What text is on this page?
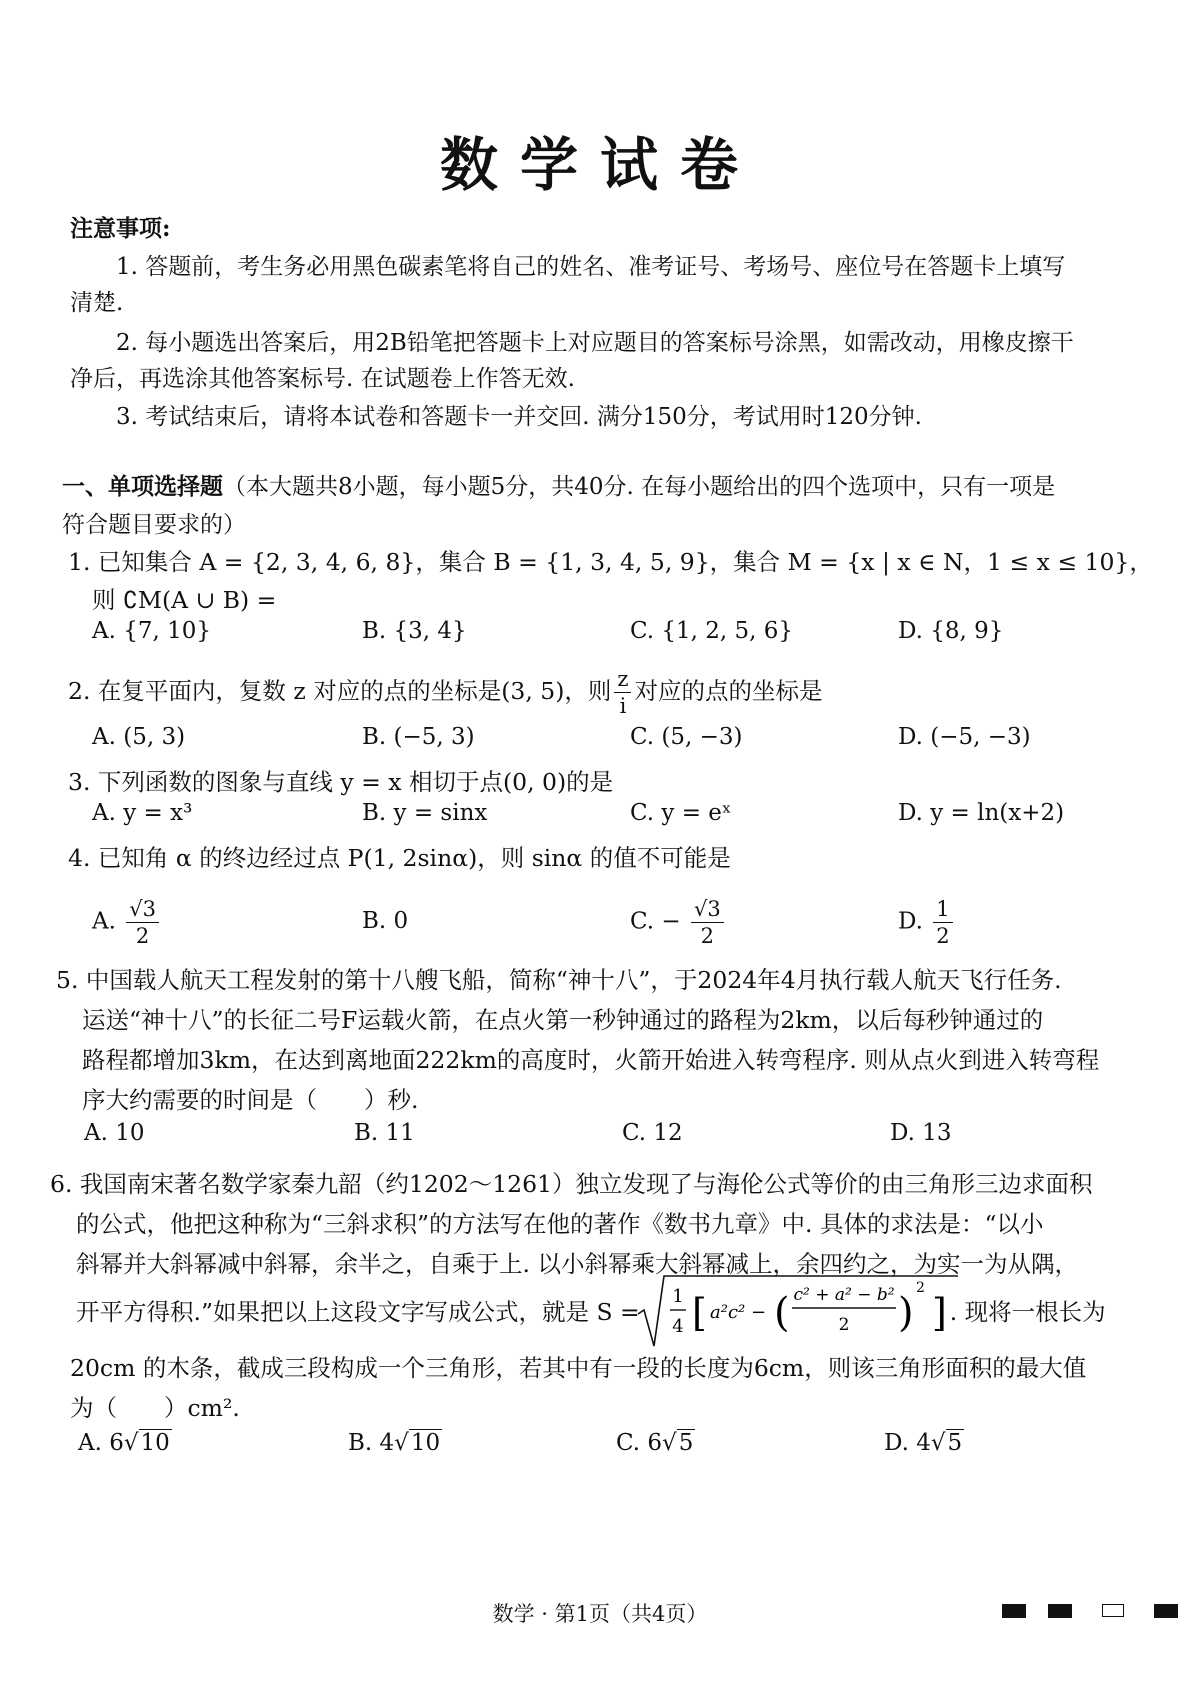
数学试卷
注意事项:
1. 答题前，考生务必用黑色碳素笔将自己的姓名、准考证号、考场号、座位号在答题卡上填写
清楚.
2. 每小题选出答案后，用2B铅笔把答题卡上对应题目的答案标号涂黑，如需改动，用橡皮擦干
净后，再选涂其他答案标号. 在试题卷上作答无效.
3. 考试结束后，请将本试卷和答题卡一并交回. 满分150分，考试用时120分钟.
一、单项选择题（本大题共8小题，每小题5分，共40分. 在每小题给出的四个选项中，只有一项是
符合题目要求的）
1. 已知集合 A = {2, 3, 4, 6, 8}，集合 B = {1, 3, 4, 5, 9}，集合 M = {x | x ∈ N，1 ≤ x ≤ 10}，
则 ∁M(A ∪ B) =
A. {7, 10}	B. {3, 4}	C. {1, 2, 5, 6}	D. {8, 9}
2. 在复平面内，复数 z 对应的点的坐标是(3, 5)，则 $\frac{z}{i}$ 对应的点的坐标是
A. (5, 3)	B. (−5, 3)	C. (5, −3)	D. (−5, −3)
3. 下列函数的图象与直线 y = x 相切于点(0, 0)的是
A. y = x³	B. y = sinx	C. y = eˣ	D. y = ln(x+2)
4. 已知角 α 的终边经过点 P(1, 2sinα)，则 sinα 的值不可能是
A. $\frac{√3}{2}$	B. 0	C. − $\frac{√3}{2}$	D. $\frac{1}{2}$
5. 中国载人航天工程发射的第十八艘飞船，简称“神十八”，于2024年4月执行载人航天飞行任务.
运送“神十八”的长征二号F运载火箭，在点火第一秒钟通过的路程为2km，以后每秒钟通过的
路程都增加3km，在达到离地面222km的高度时，火箭开始进入转弯程序. 则从点火到进入转弯程
序大约需要的时间是（　　）秒.
A. 10	B. 11	C. 12	D. 13
6. 我国南宋著名数学家秦九韶（约1202～1261）独立发现了与海伦公式等价的由三角形三边求面积
的公式，他把这种称为“三斜求积”的方法写在他的著作《数书九章》中. 具体的求法是：“以小
斜幂并大斜幂减中斜幂，余半之，自乘于上. 以小斜幂乘大斜幂减上，余四约之，为实一为从隅，
开平方得积.”如果把以上这段文字写成公式，就是 S =	. 现将一根长为
1
4 [ a²c² − ( c² + a² − b²
2 )
2
]
20cm 的木条，截成三段构成一个三角形，若其中有一段的长度为6cm，则该三角形面积的最大值
为（　　）cm².
A. 6√10	B. 4√10	C. 6√5	D. 4√5
数学 · 第1页（共4页）
